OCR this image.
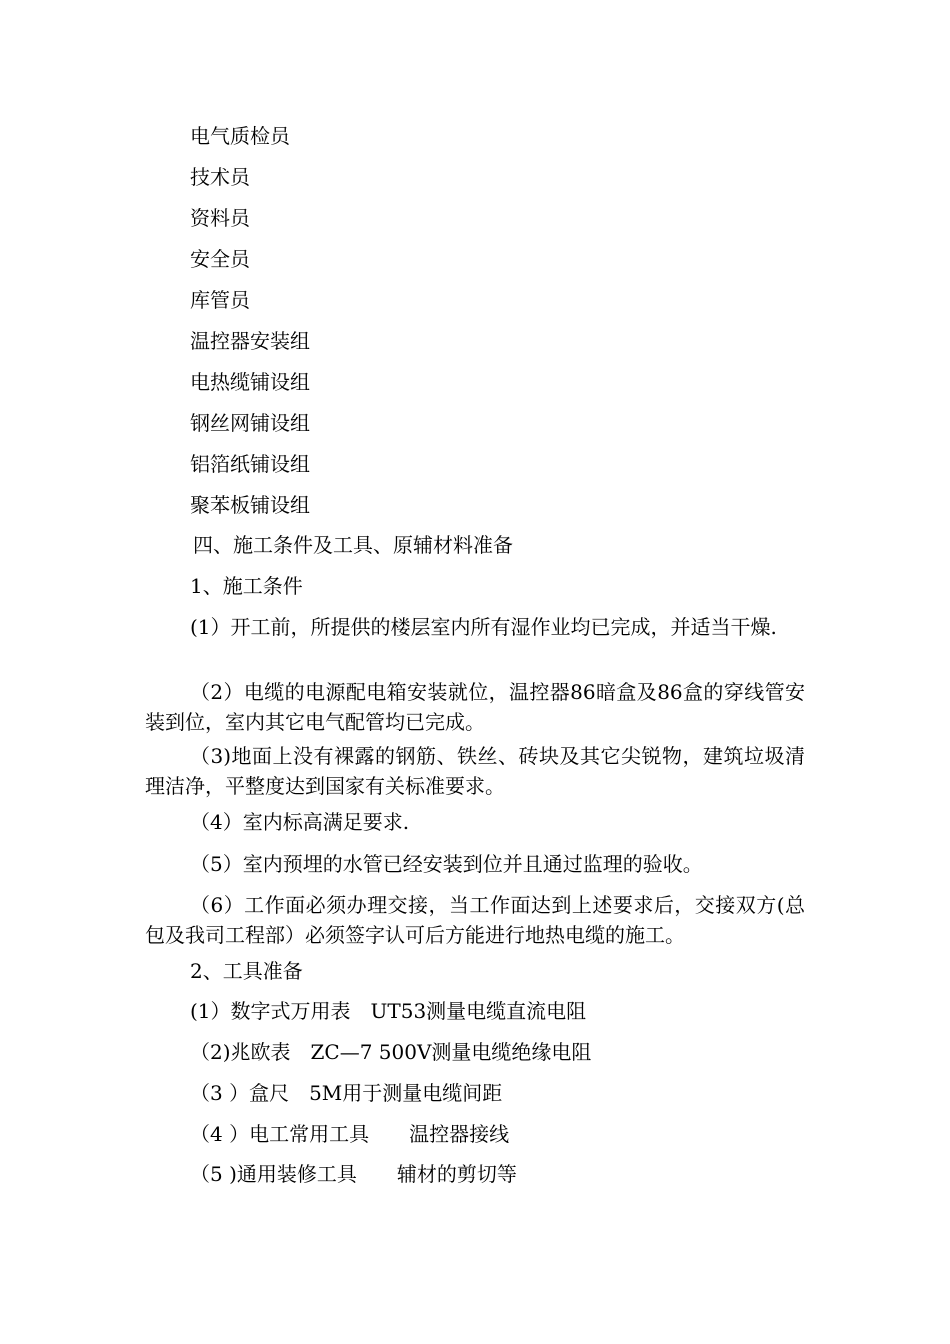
电气质检员
技术员
资料员
安全员
库管员
温控器安装组
电热缆铺设组
钢丝网铺设组
铝箔纸铺设组
聚苯板铺设组
四、施工条件及工具、原辅材料准备
1、施工条件
(1）开工前，所提供的楼层室内所有湿作业均已完成，并适当干燥.
（2）电缆的电源配电箱安装就位，温控器86暗盒及86盒的穿线管安装到位，室内其它电气配管均已完成。
（3)地面上没有裸露的钢筋、铁丝、砖块及其它尖锐物，建筑垃圾清理洁净，平整度达到国家有关标准要求。
（4）室内标高满足要求.
（5）室内预埋的水管已经安装到位并且通过监理的验收。
（6）工作面必须办理交接，当工作面达到上述要求后，交接双方(总包及我司工程部）必须签字认可后方能进行地热电缆的施工。
2、工具准备
(1）数字式万用表　UT53测量电缆直流电阻
（2)兆欧表　ZC—7 500V测量电缆绝缘电阻
（3 ）盒尺　5M用于测量电缆间距
（4 ）电工常用工具　　温控器接线
（5 )通用装修工具　　辅材的剪切等
